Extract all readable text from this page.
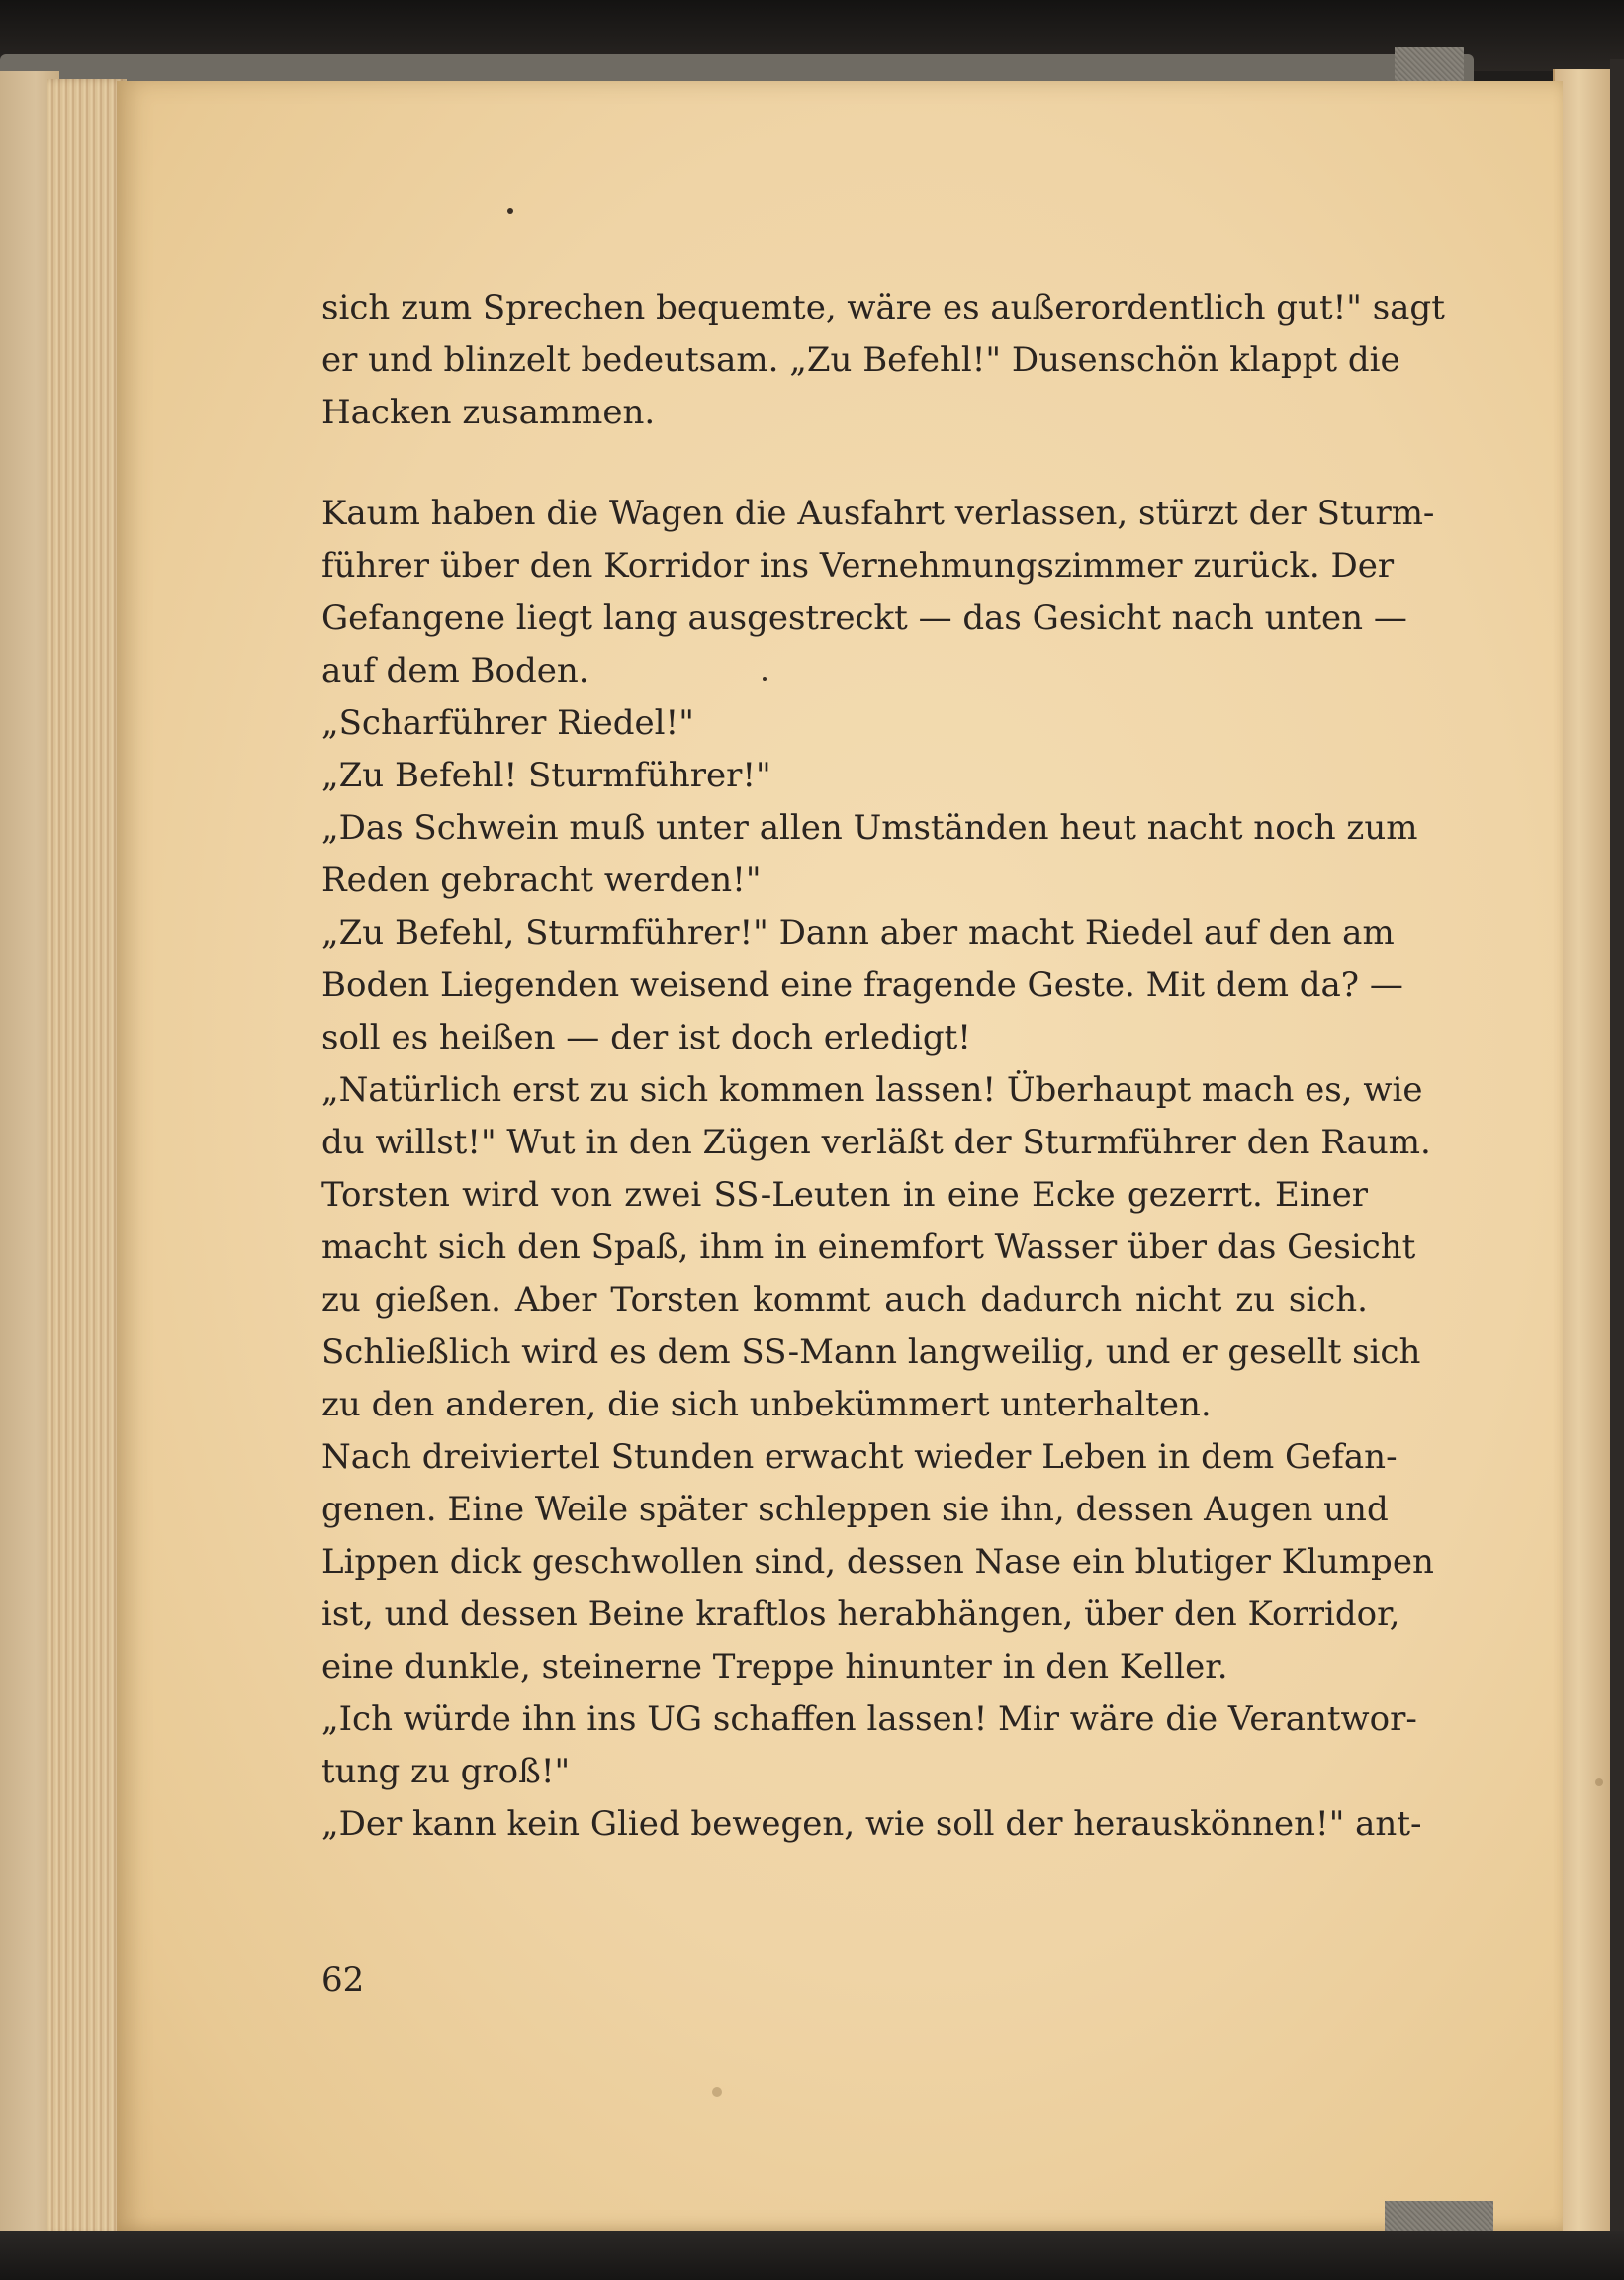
sich zum Sprechen bequemte, wäre es außerordentlich gut!" sagt
er und blinzelt bedeutsam. „Zu Befehl!" Dusenschön klappt die
Hacken zusammen.
Kaum haben die Wagen die Ausfahrt verlassen, stürzt der Sturm-
führer über den Korridor ins Vernehmungszimmer zurück. Der
Gefangene liegt lang ausgestreckt — das Gesicht nach unten —
auf dem Boden.
„Scharführer Riedel!"
„Zu Befehl! Sturmführer!"
„Das Schwein muß unter allen Umständen heut nacht noch zum
Reden gebracht werden!"
„Zu Befehl, Sturmführer!" Dann aber macht Riedel auf den am
Boden Liegenden weisend eine fragende Geste. Mit dem da? —
soll es heißen — der ist doch erledigt!
„Natürlich erst zu sich kommen lassen! Überhaupt mach es, wie
du willst!" Wut in den Zügen verläßt der Sturmführer den Raum.
Torsten wird von zwei SS-Leuten in eine Ecke gezerrt. Einer
macht sich den Spaß, ihm in einemfort Wasser über das Gesicht
zu gießen. Aber Torsten kommt auch dadurch nicht zu sich.
Schließlich wird es dem SS-Mann langweilig, und er gesellt sich
zu den anderen, die sich unbekümmert unterhalten.
Nach dreiviertel Stunden erwacht wieder Leben in dem Gefan-
genen. Eine Weile später schleppen sie ihn, dessen Augen und
Lippen dick geschwollen sind, dessen Nase ein blutiger Klumpen
ist, und dessen Beine kraftlos herabhängen, über den Korridor,
eine dunkle, steinerne Treppe hinunter in den Keller.
„Ich würde ihn ins UG schaffen lassen! Mir wäre die Verantwor-
tung zu groß!"
„Der kann kein Glied bewegen, wie soll der herauskönnen!" ant-
62
